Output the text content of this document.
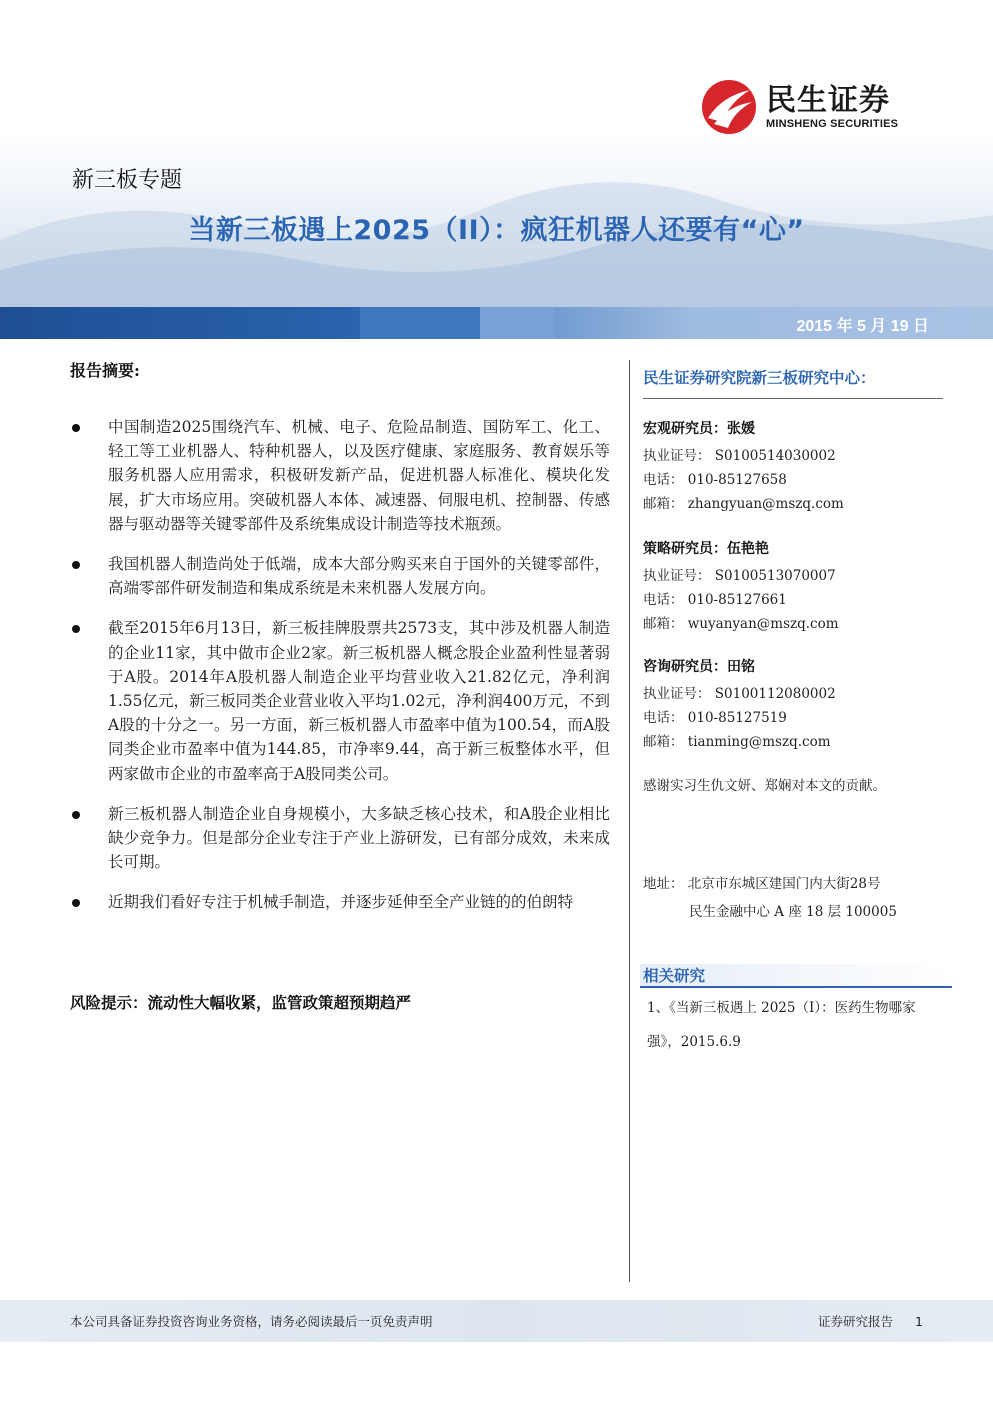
民生证券
MINSHENG SECURITIES
新三板专题
当新三板遇上2025（II）：疯狂机器人还要有“心”
2015 年 5 月 19 日
报告摘要:
中国制造2025围绕汽车、机械、电子、危险品制造、国防军工、化工、轻工等工业机器人、特种机器人，以及医疗健康、家庭服务、教育娱乐等服务机器人应用需求，积极研发新产品，促进机器人标准化、模块化发展，扩大市场应用。突破机器人本体、减速器、伺服电机、控制器、传感器与驱动器等关键零部件及系统集成设计制造等技术瓶颈。
我国机器人制造尚处于低端，成本大部分购买来自于国外的关键零部件，高端零部件研发制造和集成系统是未来机器人发展方向。
截至2015年6月13日，新三板挂牌股票共2573支，其中涉及机器人制造的企业11家，其中做市企业2家。新三板机器人概念股企业盈利性显著弱于A股。2014年A股机器人制造企业平均营业收入21.82亿元，净利润1.55亿元，新三板同类企业营业收入平均1.02元，净利润400万元，不到A股的十分之一。另一方面，新三板机器人市盈率中值为100.54，而A股同类企业市盈率中值为144.85，市净率9.44，高于新三板整体水平，但两家做市企业的市盈率高于A股同类公司。
新三板机器人制造企业自身规模小，大多缺乏核心技术，和A股企业相比缺少竞争力。但是部分企业专注于产业上游研发，已有部分成效，未来成长可期。
近期我们看好专注于机械手制造，并逐步延伸至全产业链的的伯朗特
风险提示：流动性大幅收紧，监管政策超预期趋严
民生证券研究院新三板研究中心：
宏观研究员：张媛
执业证号： S0100514030002
电话： 010-85127658
邮箱： zhangyuan@mszq.com
策略研究员：伍艳艳
执业证号： S0100513070007
电话： 010-85127661
邮箱： wuyanyan@mszq.com
咨询研究员：田铭
执业证号： S0100112080002
电话： 010-85127519
邮箱： tianming@mszq.com
感谢实习生仇文妍、郑娴对本文的贡献。
地址： 北京市东城区建国门内大街28号
民生金融中心 A 座 18 层 100005
相关研究
1、《当新三板遇上 2025（I）：医药生物哪家强》，2015.6.9
本公司具备证券投资咨询业务资格，请务必阅读最后一页免责声明	证券研究报告 1
